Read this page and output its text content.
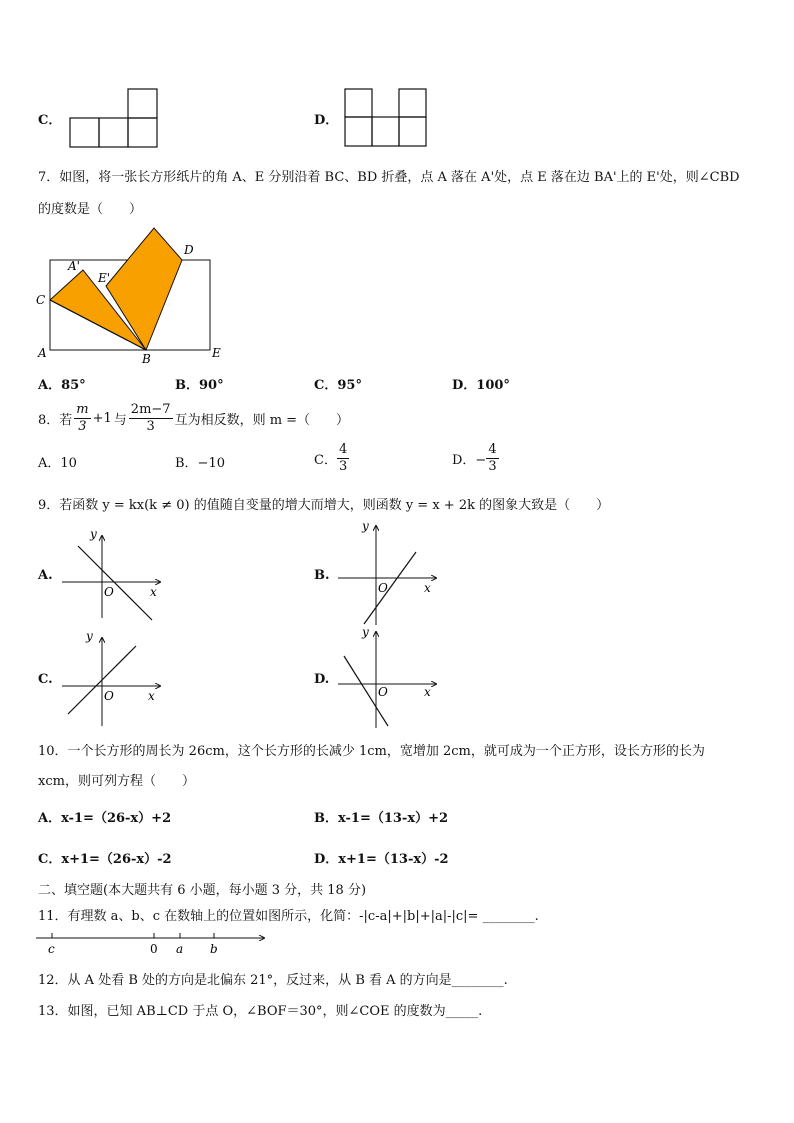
C．	D．
7．如图，将一张长方形纸片的角 A、E 分别沿着 BC、BD 折叠，点 A 落在 A'处，点 E 落在边 BA'上的 E'处，则∠CBD
的度数是（　　）
A
A'
E'
C
D
B	E
A．85°	B．90°	C．95°	D．100°
8．若 $\frac{m}{3} +1$ 与 $\frac{2m-7}{3}$ 互为相反数，则 m =（　　）
A．10	B．−10	C． $\frac{4}{3}$	D．− $\frac{4}{3}$
9．若函数 y = kx(k ≠ 0) 的值随自变量的增大而增大，则函数 y = x + 2k 的图象大致是（　　）
A.
y
x
O
B.
y
x
O
C.
y
x
O
D.
y
x
O
10．一个长方形的周长为 26cm，这个长方形的长减少 1cm，宽增加 2cm，就可成为一个正方形，设长方形的长为
xcm，则可列方程（　　）
A．x-1=（26-x）+2	B．x-1=（13-x）+2
C．x+1=（26-x）-2	D．x+1=（13-x）-2
二、填空题(本大题共有 6 小题，每小题 3 分，共 18 分)
11．有理数 a、b、c 在数轴上的位置如图所示，化简：-|c-a|+|b|+|a|-|c|= ________.
c	0 a b
12．从 A 处看 B 处的方向是北偏东 21°，反过来，从 B 看 A 的方向是________.
13．如图，已知 AB⊥CD 于点 O，∠BOF＝30°，则∠COE 的度数为_____.
